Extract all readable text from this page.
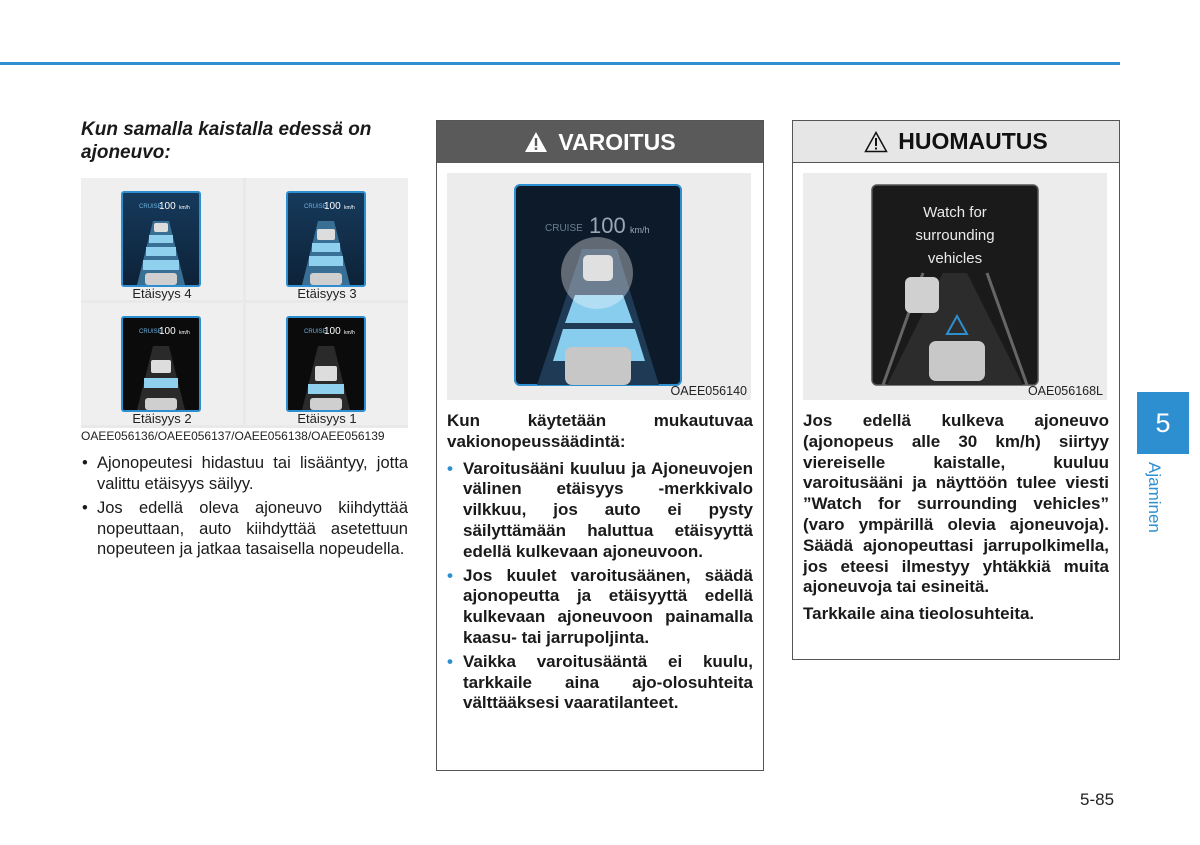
Kun samalla kaistalla edessä on ajoneuvo:
CRUISE
100 km/h
Etäisyys 4
CRUISE
100 km/h
Etäisyys 3
CRUISE
100 km/h
Etäisyys 2
CRUISE
100 km/h
Etäisyys 1
OAEE056136/OAEE056137/OAEE056138/OAEE056139
• Ajonopeutesi hidastuu tai lisääntyy, jotta valittu etäisyys säilyy.
• Jos edellä oleva ajoneuvo kiihdyttää nopeuttaan, auto kiihdyttää asetettuun nopeuteen ja jatkaa tasaisella nopeudella.
VAROITUS
CRUISE 100 km/h
OAEE056140

Kun käytetään mukautuvaa vakionopeussäädintä:

• Varoitusääni kuuluu ja Ajoneuvojen välinen etäisyys -merkkivalo vilkkuu, jos auto ei pysty säilyttämään haluttua etäisyyttä edellä kulkevaan ajoneuvoon.
• Jos kuulet varoitusäänen, säädä ajonopeutta ja etäisyyttä edellä kulkevaan ajoneuvoon painamalla kaasu- tai jarrupoljinta.
• Vaikka varoitusääntä ei kuulu, tarkkaile aina ajo-olosuhteita välttääksesi vaaratilanteet.
HUOMAUTUS
Watch for
surrounding
vehicles
OAE056168L

Jos edellä kulkeva ajoneuvo (ajonopeus alle 30 km/h) siirtyy viereiselle kaistalle, kuuluu varoitusääni ja näyttöön tulee viesti ”Watch for surrounding vehicles” (varo ympärillä olevia ajoneuvoja). Säädä ajonopeuttasi jarrupolkimella, jos eteesi ilmestyy yhtäkkiä muita ajoneuvoja tai esineitä.

Tarkkaile aina tieolosuhteita.

5
Ajaminen
5-85
